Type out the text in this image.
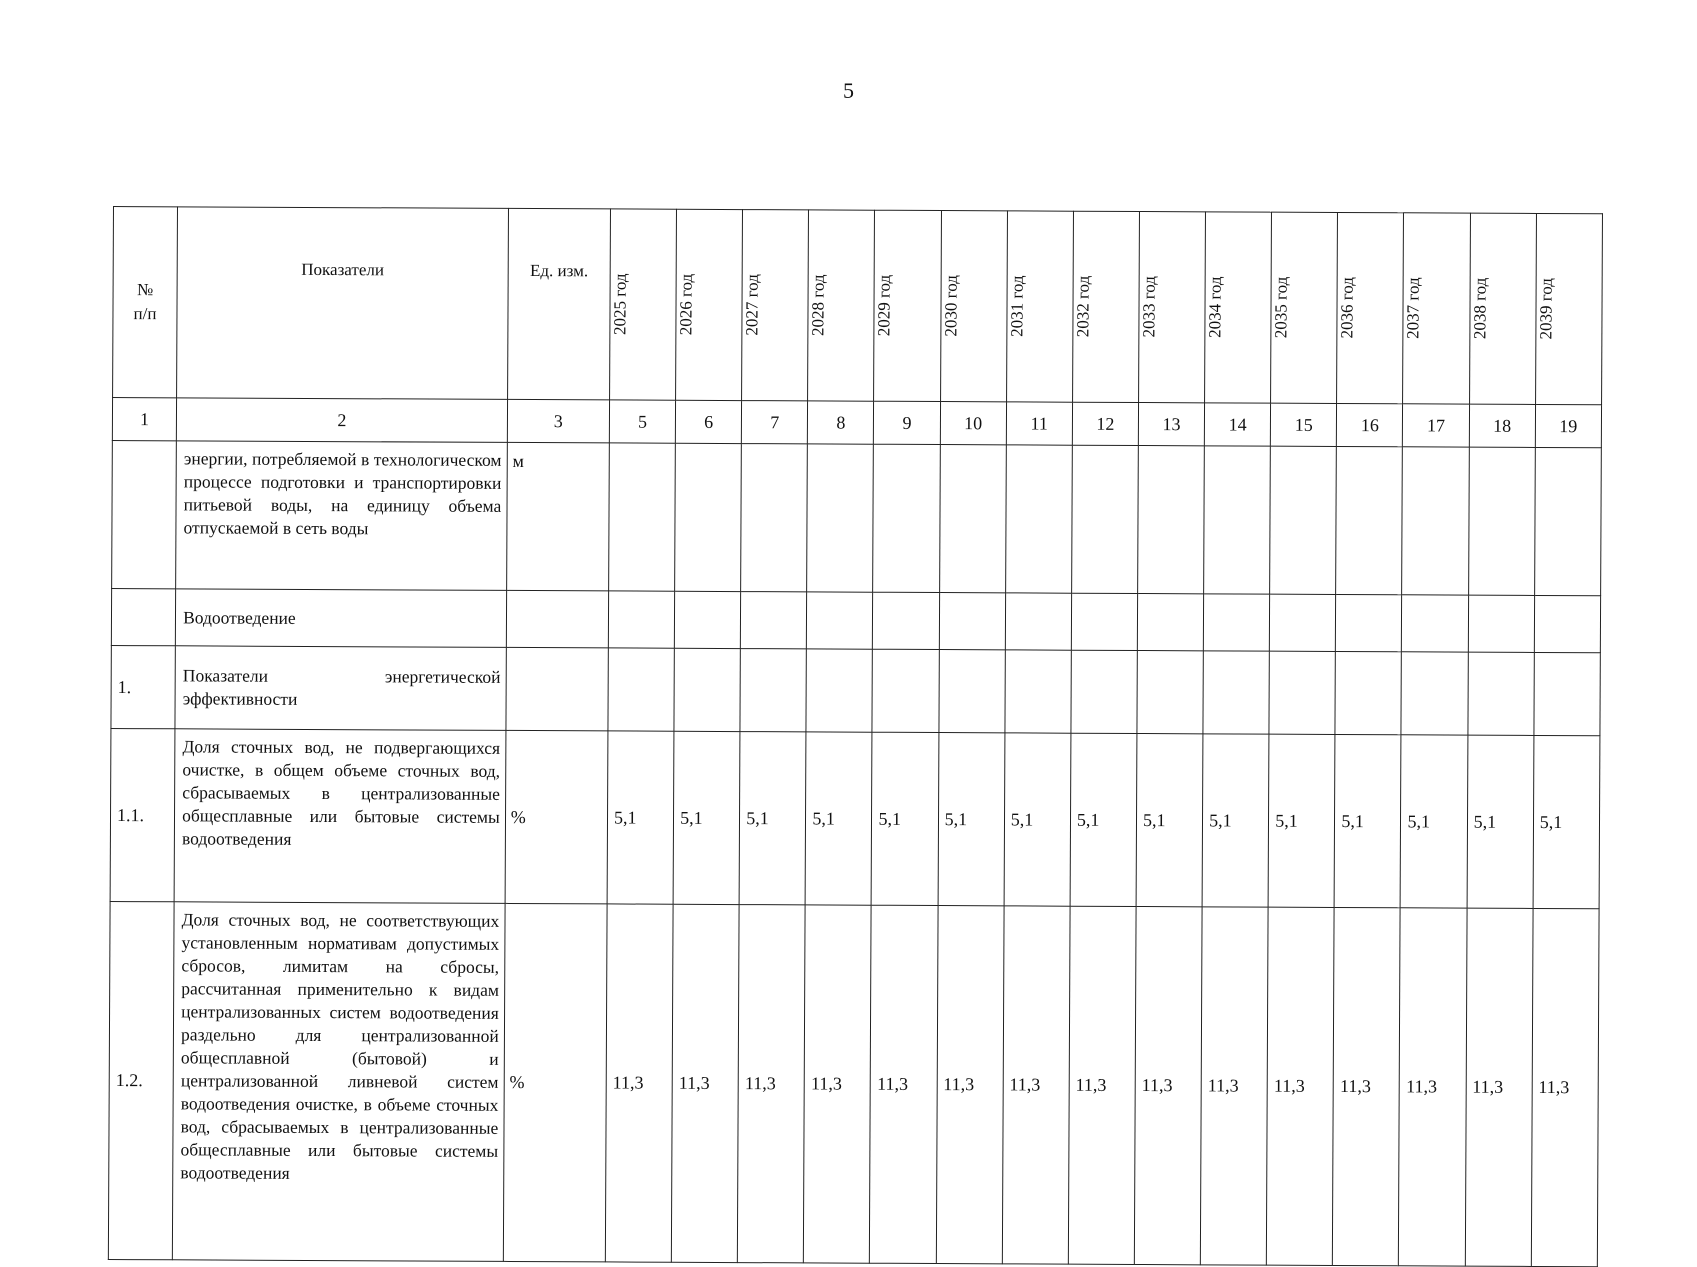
5
№
п/п	Показатели	Ед. изм.	2025 год	2026 год	2027 год	2028 год	2029 год	2030 год	2031 год	2032 год	2033 год	2034 год	2035 год	2036 год	2037 год	2038 год	2039 год

1	2	3	5	6	7	8	9	10	11	12	13	14	15	16	17	18	19
	энергии, потребляемой в технологическом процессе подготовки и транспортировки питьевой воды, на единицу объема отпускаемой в сеть воды	м															
	Водоотведение																
1.	Показатели энергетической эффективности																
1.1.	Доля сточных вод, не подвергающихся очистке, в общем объеме сточных вод, сбрасываемых в централизованные общесплавные или бытовые системы водоотведения	%	5,1	5,1	5,1	5,1	5,1	5,1	5,1	5,1	5,1	5,1	5,1	5,1	5,1	5,1	5,1
1.2.	Доля сточных вод, не соответствующих установленным нормативам допустимых сбросов, лимитам на сбросы, рассчитанная применительно к видам централизованных систем водоотведения раздельно для централизованной общесплавной (бытовой) и централизованной ливневой систем водоотведения очистке, в объеме сточных вод, сбрасываемых в централизованные общесплавные или бытовые системы водоотведения	%	11,3	11,3	11,3	11,3	11,3	11,3	11,3	11,3	11,3	11,3	11,3	11,3	11,3	11,3	11,3
